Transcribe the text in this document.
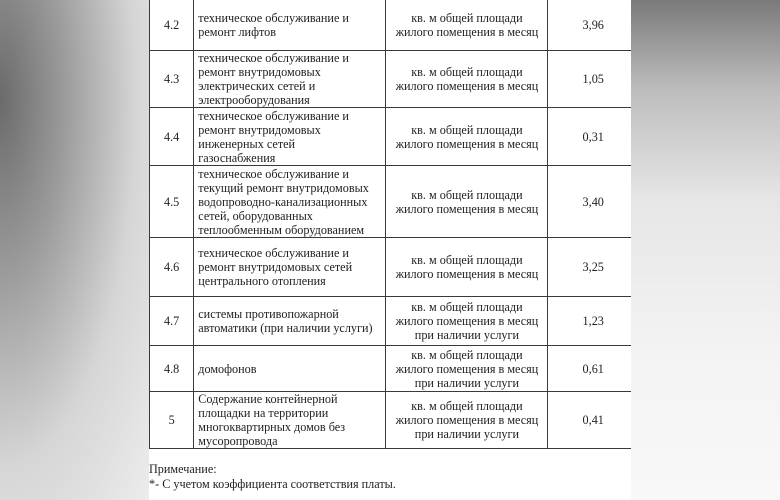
4.2	техническое обслуживание и
ремонт лифтов	кв. м общей площади
жилого помещения в месяц	3,96
4.3	техническое обслуживание и
ремонт внутридомовых
электрических сетей и
электрооборудования	кв. м общей площади
жилого помещения в месяц	1,05
4.4	техническое обслуживание и
ремонт внутридомовых
инженерных сетей
газоснабжения	кв. м общей площади
жилого помещения в месяц	0,31
4.5	техническое обслуживание и
текущий ремонт внутридомовых
водопроводно-канализационных
сетей, оборудованных
теплообменным оборудованием	кв. м общей площади
жилого помещения в месяц	3,40
4.6	техническое обслуживание и
ремонт внутридомовых сетей
центрального отопления	кв. м общей площади
жилого помещения в месяц	3,25
4.7	системы противопожарной
автоматики (при наличии услуги)	кв. м общей площади
жилого помещения в месяц
при наличии услуги	1,23
4.8	домофонов	кв. м общей площади
жилого помещения в месяц
при наличии услуги	0,61
5	Содержание контейнерной
площадки на территории
многоквартирных домов без
мусоропровода	кв. м общей площади
жилого помещения в месяц
при наличии услуги	0,41
Примечание:
*- С учетом коэффициента соответствия платы.
